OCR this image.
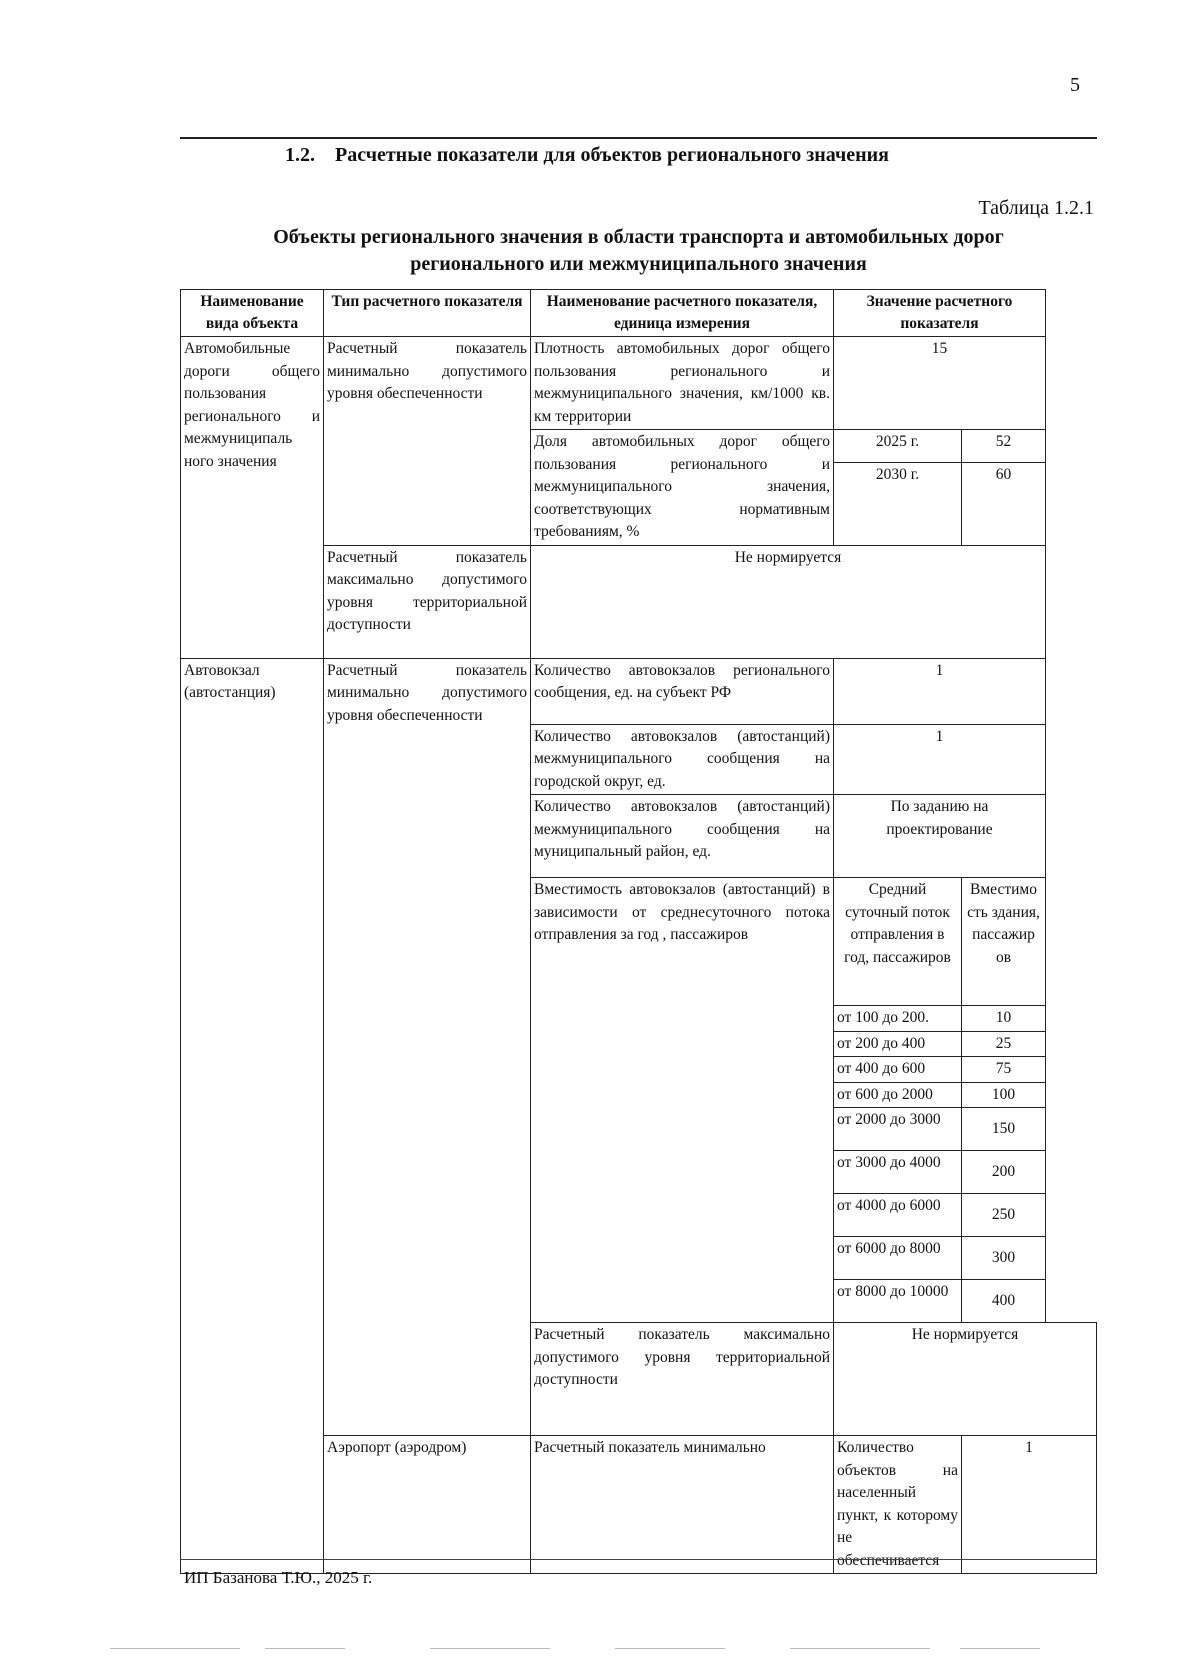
5
1.2. Расчетные показатели для объектов регионального значения
Таблица 1.2.1
Объекты регионального значения в области транспорта и автомобильных дорог
регионального или межмуниципального значения
Наименование вида объекта	Тип расчетного показателя	Наименование расчетного показателя, единица измерения	Значение расчетного показателя	
Автомобильные дороги общего пользования регионального и межмуниципаль ного значения	Расчетный показатель минимально допустимого уровня обеспеченности	Плотность автомобильных дорог общего пользования регионального и межмуниципального значения, км/1000 кв. км территории	15	
		Доля автомобильных дорог общего пользования регионального и межмуниципального значения, соответствующих нормативным требованиям, %	2025 г.	52
			2030 г.	60
	Расчетный показатель максимально допустимого уровня территориальной доступности	Не нормируется		
Автовокзал (автостанция)	Расчетный показатель минимально допустимого уровня обеспеченности	Количество автовокзалов регионального сообщения, ед. на субъект РФ	1	
		Количество автовокзалов (автостанций) межмуниципального сообщения на городской округ, ед.	1	
		Количество автовокзалов (автостанций) межмуниципального сообщения на муниципальный район, ед.	По заданию на проектирование	
		Вместимость автовокзалов (автостанций) в зависимости от среднесуточного потока отправления за год , пассажиров	Средний суточный поток отправления в год, пассажиров	Вместимо сть здания, пассажир ов
			от 100 до 200.	10
			от 200 до 400	25
			от 400 до 600	75
			от 600 до 2000	100
			от 2000 до 3000	150
			от 3000 до 4000	200
			от 4000 до 6000	250
			от 6000 до 8000	300
			от 8000 до 10000	400
		Расчетный показатель максимально допустимого уровня территориальной доступности	Не нормируется	
	Аэропорт (аэродром)	Расчетный показатель минимально	Количество объектов на населенный пункт, к которому не обеспечивается	1
ИП Базанова Т.Ю., 2025 г.
